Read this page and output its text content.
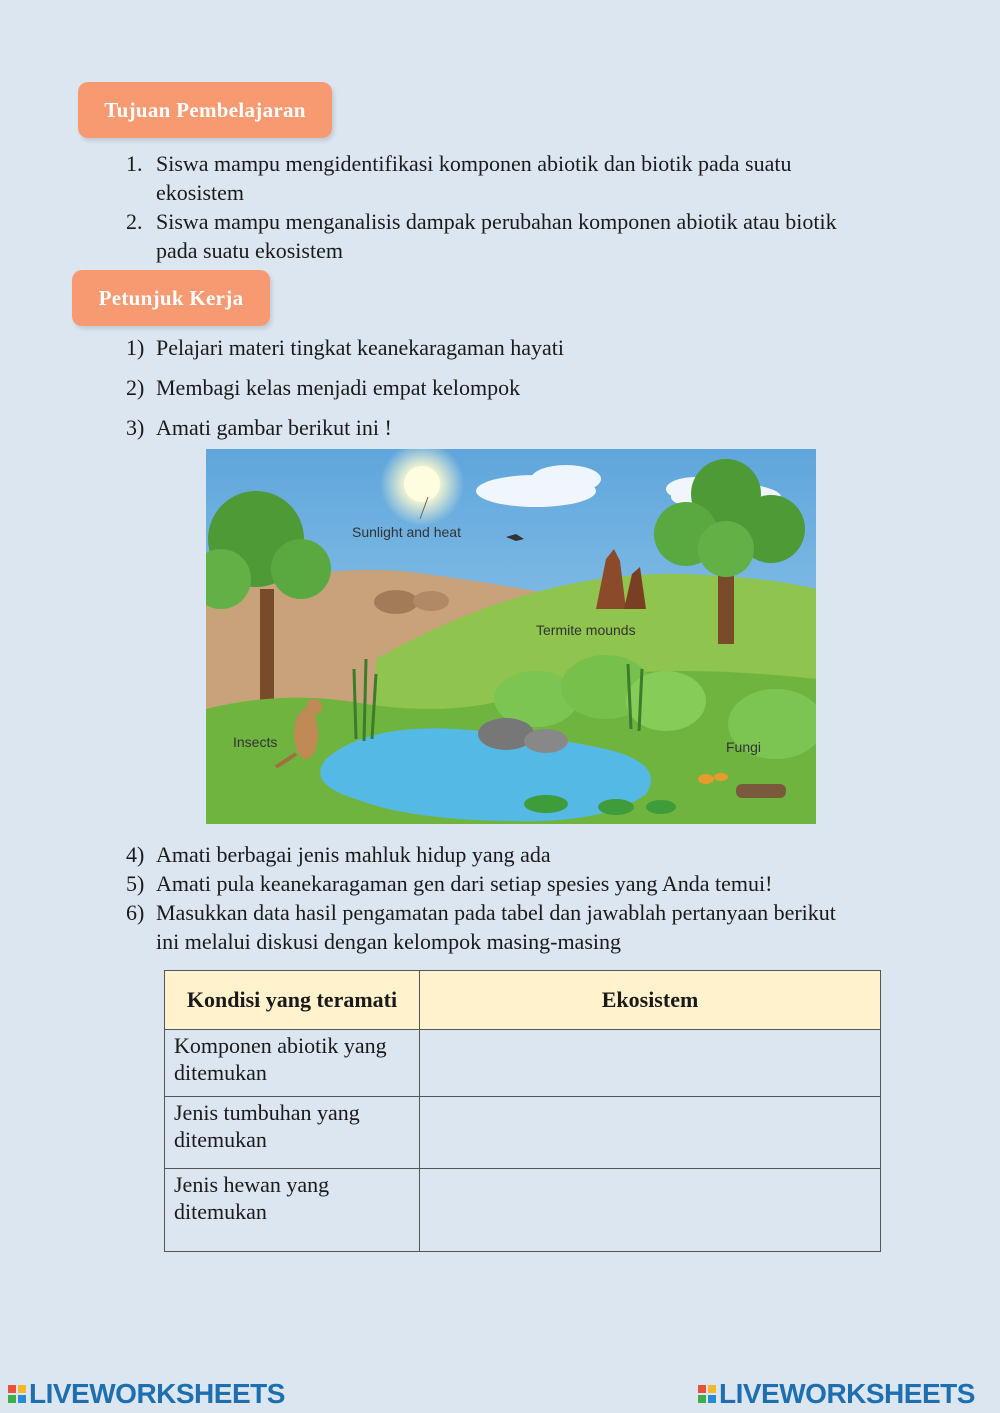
Tujuan Pembelajaran
1. Siswa mampu mengidentifikasi komponen abiotik dan biotik pada suatu
ekosistem
2. Siswa mampu menganalisis dampak perubahan komponen abiotik atau biotik
pada suatu ekosistem
Petunjuk Kerja
1) Pelajari materi tingkat keanekaragaman hayati
2) Membagi kelas menjadi empat kelompok
3) Amati gambar berikut ini !
Sunlight and heat
Termite mounds
Insects	Fungi
4) Amati berbagai jenis mahluk hidup yang ada
5) Amati pula keanekaragaman gen dari setiap spesies yang Anda temui!
6) Masukkan data hasil pengamatan pada tabel dan jawablah pertanyaan berikut
ini melalui diskusi dengan kelompok masing-masing
Kondisi yang teramati	Ekosistem
Komponen abiotik yang
ditemukan	
Jenis tumbuhan yang
ditemukan	
Jenis hewan yang
ditemukan	
LIVEWORKSHEETS	LIVEWORKSHEETS
